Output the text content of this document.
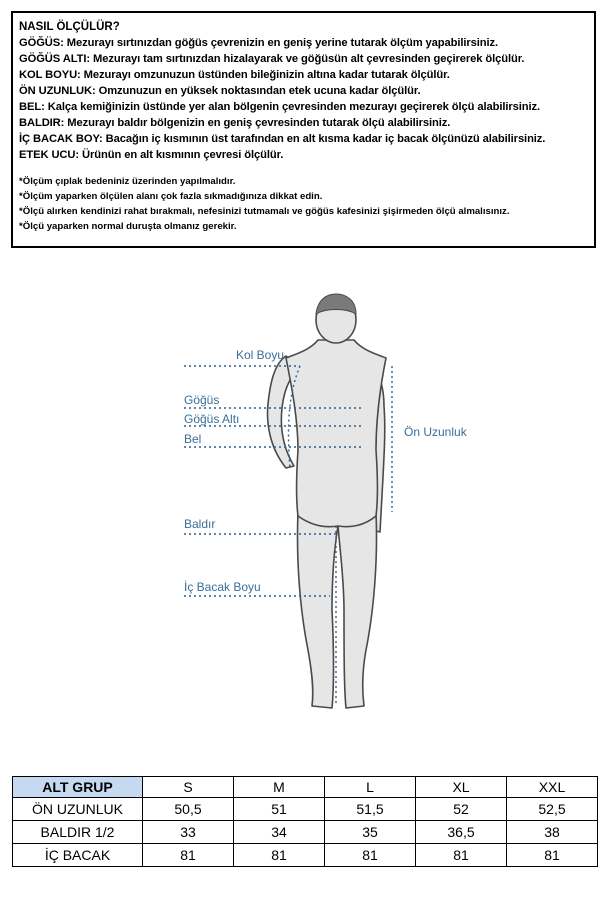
NASIL ÖLÇÜLÜR?
GÖĞÜS: Mezurayı sırtınızdan göğüs çevrenizin en geniş yerine tutarak ölçüm yapabilirsiniz.
GÖĞÜS ALTI: Mezurayı tam sırtınızdan hizalayarak ve göğüsün alt çevresinden geçirerek ölçülür.
KOL BOYU: Mezurayı omzunuzun üstünden bileğinizin altına kadar tutarak ölçülür.
ÖN UZUNLUK: Omzunuzun en yüksek noktasından etek ucuna kadar ölçülür.
BEL: Kalça kemiğinizin üstünde yer alan bölgenin çevresinden mezurayı geçirerek ölçü alabilirsiniz.
BALDIR: Mezurayı baldır bölgenizin en geniş çevresinden tutarak ölçü alabilirsiniz.
İÇ BACAK BOY: Bacağın iç kısmının üst tarafından en alt kısma kadar iç bacak ölçünüzü alabilirsiniz.
ETEK UCU: Ürünün en alt kısmının çevresi ölçülür.
*Ölçüm çıplak bedeniniz üzerinden yapılmalıdır.
*Ölçüm yaparken ölçülen alanı çok fazla sıkmadığınıza dikkat edin.
*Ölçü alırken kendinizi rahat bırakmalı, nefesinizi tutmamalı ve göğüs kafesinizi şişirmeden ölçü almalısınız.
*Ölçü yaparken normal duruşta olmanız gerekir.
Kol Boyu
Göğüs
Göğüs Altı
Bel
Baldır
İç Bacak Boyu
Ön Uzunluk
ALT GRUP	S	M	L	XL	XXL
ÖN UZUNLUK	50,5	51	51,5	52	52,5
BALDIR 1/2	33	34	35	36,5	38
İÇ BACAK	81	81	81	81	81
